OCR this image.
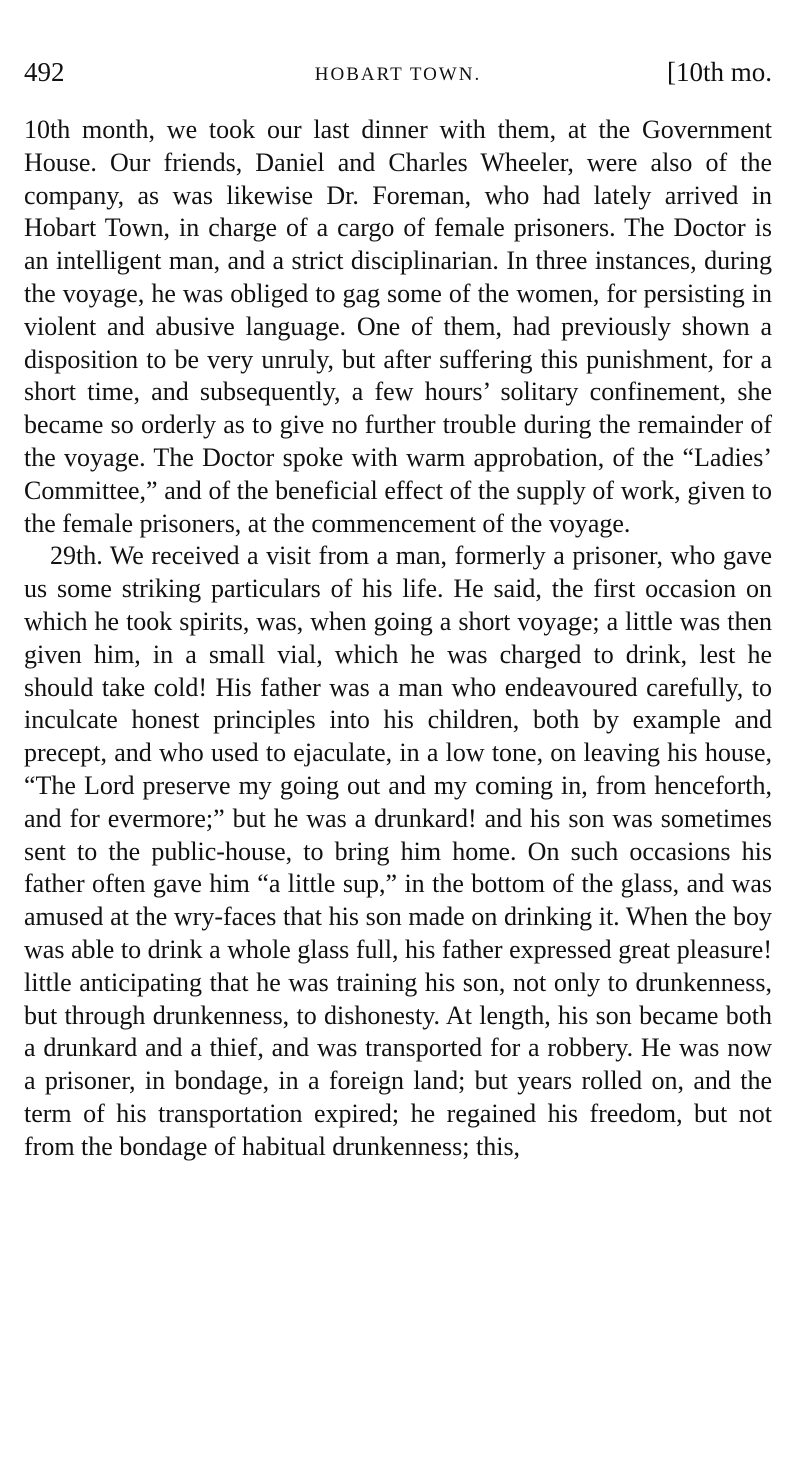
492	HOBART TOWN.	[10th mo.

10th month, we took our last dinner with them, at the Government House. Our friends, Daniel and Charles Wheeler, were also of the company, as was likewise Dr. Foreman, who had lately arrived in Hobart Town, in charge of a cargo of female prisoners. The Doctor is an intelligent man, and a strict disciplinarian. In three instances, during the voyage, he was obliged to gag some of the women, for persisting in violent and abusive language. One of them, had previously shown a disposition to be very unruly, but after suffering this punishment, for a short time, and subsequently, a few hours’ solitary confinement, she became so orderly as to give no further trouble during the remainder of the voyage. The Doctor spoke with warm approbation, of the “Ladies’ Committee,” and of the beneficial effect of the supply of work, given to the female prisoners, at the commencement of the voyage.

29th. We received a visit from a man, formerly a prisoner, who gave us some striking particulars of his life. He said, the first occasion on which he took spirits, was, when going a short voyage; a little was then given him, in a small vial, which he was charged to drink, lest he should take cold! His father was a man who endeavoured carefully, to inculcate honest principles into his children, both by example and precept, and who used to ejaculate, in a low tone, on leaving his house, “The Lord preserve my going out and my coming in, from henceforth, and for evermore;” but he was a drunkard! and his son was sometimes sent to the public-house, to bring him home. On such occasions his father often gave him “a little sup,” in the bottom of the glass, and was amused at the wry-faces that his son made on drinking it. When the boy was able to drink a whole glass full, his father expressed great pleasure! little anticipating that he was training his son, not only to drunkenness, but through drunkenness, to dishonesty. At length, his son became both a drunkard and a thief, and was transported for a robbery. He was now a prisoner, in bondage, in a foreign land; but years rolled on, and the term of his transportation expired; he regained his freedom, but not from the bondage of habitual drunkenness; this,
